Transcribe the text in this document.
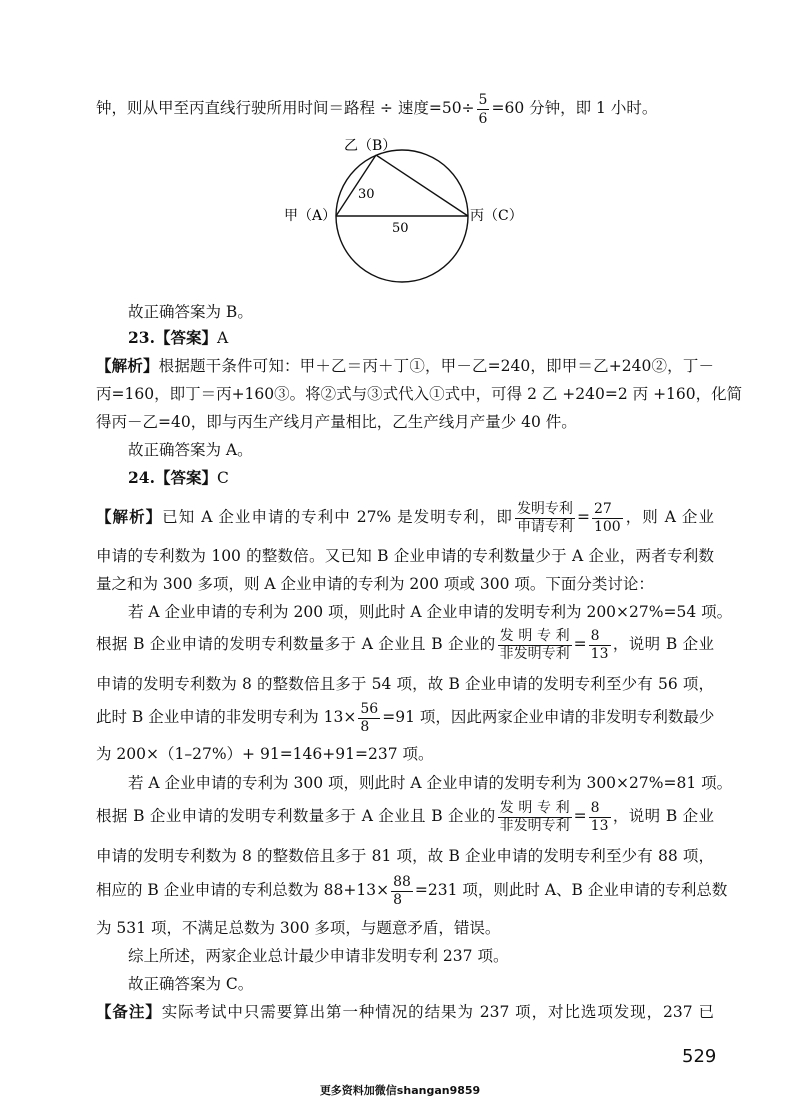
钟，则从甲至丙直线行驶所用时间＝路程 ÷ 速度$=50\div \frac{5}{6} =60$ 分钟，即 1 小时。
乙（B）
甲（A）	丙（C）
30
50
故正确答案为 B。
23.【答案】A
【解析】根据题干条件可知：甲＋乙＝丙＋丁①，甲－乙=240，即甲＝乙+240②，丁－
丙=160，即丁＝丙+160③。将②式与③式代入①式中，可得 2 乙 +240=2 丙 +160，化简
得丙－乙=40，即与丙生产线月产量相比，乙生产线月产量少 40 件。
故正确答案为 A。
24.【答案】C
【解析】已知 A 企业申请的专利中 27% 是发明专利，即 $\frac{\text{发明专利}}{\text{申请专利}} = \frac{27}{100}$ ，则 A 企业
申请的专利数为 100 的整数倍。又已知 B 企业申请的专利数量少于 A 企业，两者专利数
量之和为 300 多项，则 A 企业申请的专利为 200 项或 300 项。下面分类讨论：
若 A 企业申请的专利为 200 项，则此时 A 企业申请的发明专利为 200×27%=54 项。
根据 B 企业申请的发明专利数量多于 A 企业且 B 企业的 $\frac{\text{发明专利}}{\text{非发明专利}} = \frac{8}{13}$ ，说明 B 企业
申请的发明专利数为 8 的整数倍且多于 54 项，故 B 企业申请的发明专利至少有 56 项，
此时 B 企业申请的非发明专利为 $13\times \frac{56}{8} =91$ 项，因此两家企业申请的非发明专利数最少
为 200×（1–27%）+ 91=146+91=237 项。
若 A 企业申请的专利为 300 项，则此时 A 企业申请的发明专利为 300×27%=81 项。
根据 B 企业申请的发明专利数量多于 A 企业且 B 企业的 $\frac{\text{发明专利}}{\text{非发明专利}} = \frac{8}{13}$ ，说明 B 企业
申请的发明专利数为 8 的整数倍且多于 81 项，故 B 企业申请的发明专利至少有 88 项，
相应的 B 企业申请的专利总数为 $88+13\times \frac{88}{8} =231$ 项，则此时 A、B 企业申请的专利总数
为 531 项，不满足总数为 300 多项，与题意矛盾，错误。
综上所述，两家企业总计最少申请非发明专利 237 项。
故正确答案为 C。
【备注】实际考试中只需要算出第一种情况的结果为 237 项，对比选项发现，237 已
529
更多资料加微信shangan9859
